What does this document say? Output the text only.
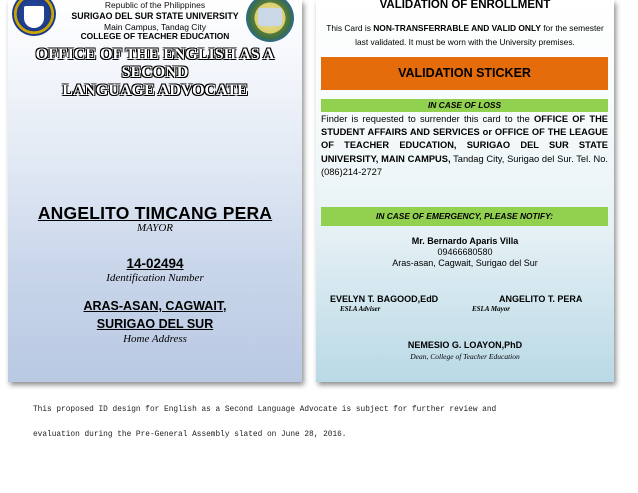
Republic of the Philippines
SURIGAO DEL SUR STATE UNIVERSITY
Main Campus, Tandag City
COLLEGE OF TEACHER EDUCATION
OFFICE OF THE ENGLISH AS A SECOND
LANGUAGE ADVOCATE
ANGELITO TIMCANG PERA
MAYOR
14-02494
Identification Number
ARAS-ASAN, CAGWAIT,
SURIGAO DEL SUR
Home Address
VALIDATION OF ENROLLMENT
This Card is NON-TRANSFERRABLE AND VALID ONLY for the semester last validated. It must be worn with the University premises.
VALIDATION STICKER
IN CASE OF LOSS
Finder is requested to surrender this card to the OFFICE OF THE STUDENT AFFAIRS AND SERVICES or OFFICE OF THE LEAGUE OF TEACHER EDUCATION, SURIGAO DEL SUR STATE UNIVERSITY, MAIN CAMPUS, Tandag City, Surigao del Sur. Tel. No. (086)214-2727
IN CASE OF EMERGENCY, PLEASE NOTIFY:
Mr. Bernardo Aparis Villa
09466680580
Aras-asan, Cagwait, Surigao del Sur
EVELYN T. BAGOOD,EdD
ESLA Adviser
ANGELITO T. PERA
ESLA Mayor
NEMESIO G. LOAYON,PhD
Dean, College of Teacher Education
This proposed ID design for English as a Second Language Advocate is subject for further review and
evaluation during the Pre-General Assembly slated on June 28, 2016.
